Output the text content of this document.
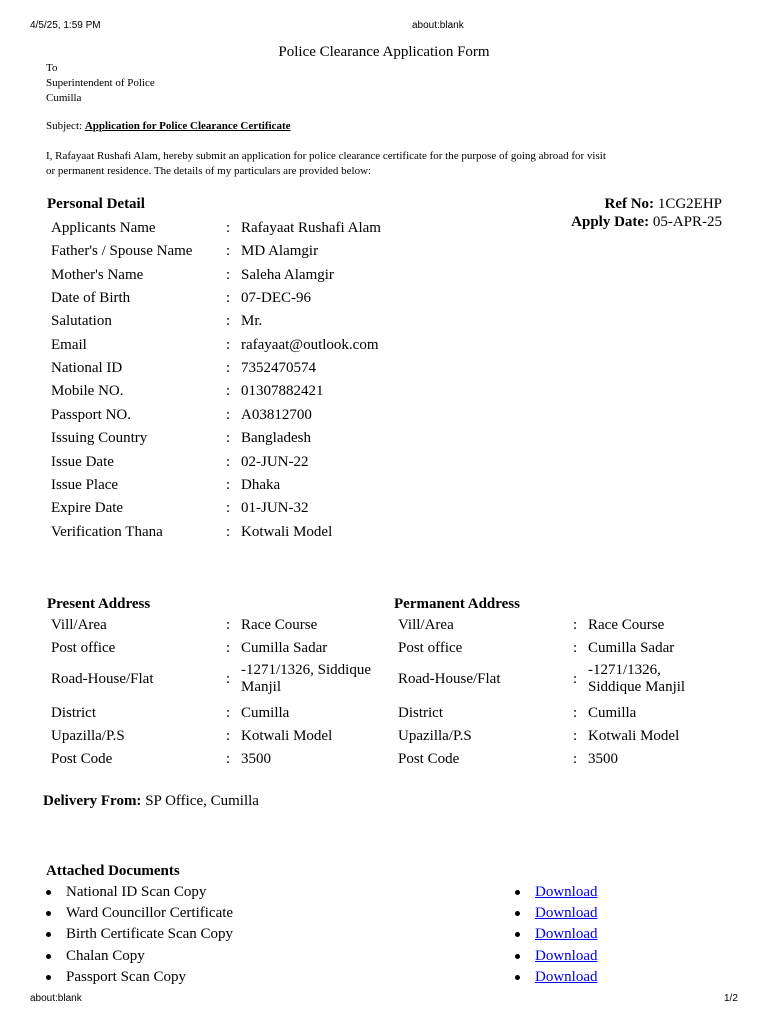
4/5/25, 1:59 PM	about:blank
Police Clearance Application Form
To
Superintendent of Police
Cumilla
Subject: Application for Police Clearance Certificate
I, Rafayaat Rushafi Alam, hereby submit an application for police clearance certificate for the purpose of going abroad for visit or permanent residence. The details of my particulars are provided below:
Personal Detail	Ref No: 1CG2EHP
Apply Date: 05-APR-25
Applicants Name	: Rafayaat Rushafi Alam
Father's / Spouse Name : MD Alamgir
Mother's Name	: Saleha Alamgir
Date of Birth	: 07-DEC-96
Salutation	: Mr.
Email	: rafayaat@outlook.com
National ID	: 7352470574
Mobile NO.	: 01307882421
Passport NO.	: A03812700
Issuing Country	: Bangladesh
Issue Date	: 02-JUN-22
Issue Place	: Dhaka
Expire Date	: 01-JUN-32
Verification Thana	: Kotwali Model
Present Address
Vill/Area	: Race Course
Post office	: Cumilla Sadar
Road-House/Flat	:
-1271/1326, Siddique Manjil
District	: Cumilla
Upazilla/P.S	: Kotwali Model
Post Code	: 3500
Permanent Address
Vill/Area	: Race Course
Post office	: Cumilla Sadar
Road-House/Flat	:
-1271/1326, Siddique Manjil
District	: Cumilla
Upazilla/P.S	: Kotwali Model
Post Code	: 3500
Delivery From: SP Office, Cumilla
Attached Documents
National ID Scan Copy	Download
Ward Councillor Certificate	Download
Birth Certificate Scan Copy	Download
Chalan Copy	Download
Passport Scan Copy	Download
about:blank	1/2
